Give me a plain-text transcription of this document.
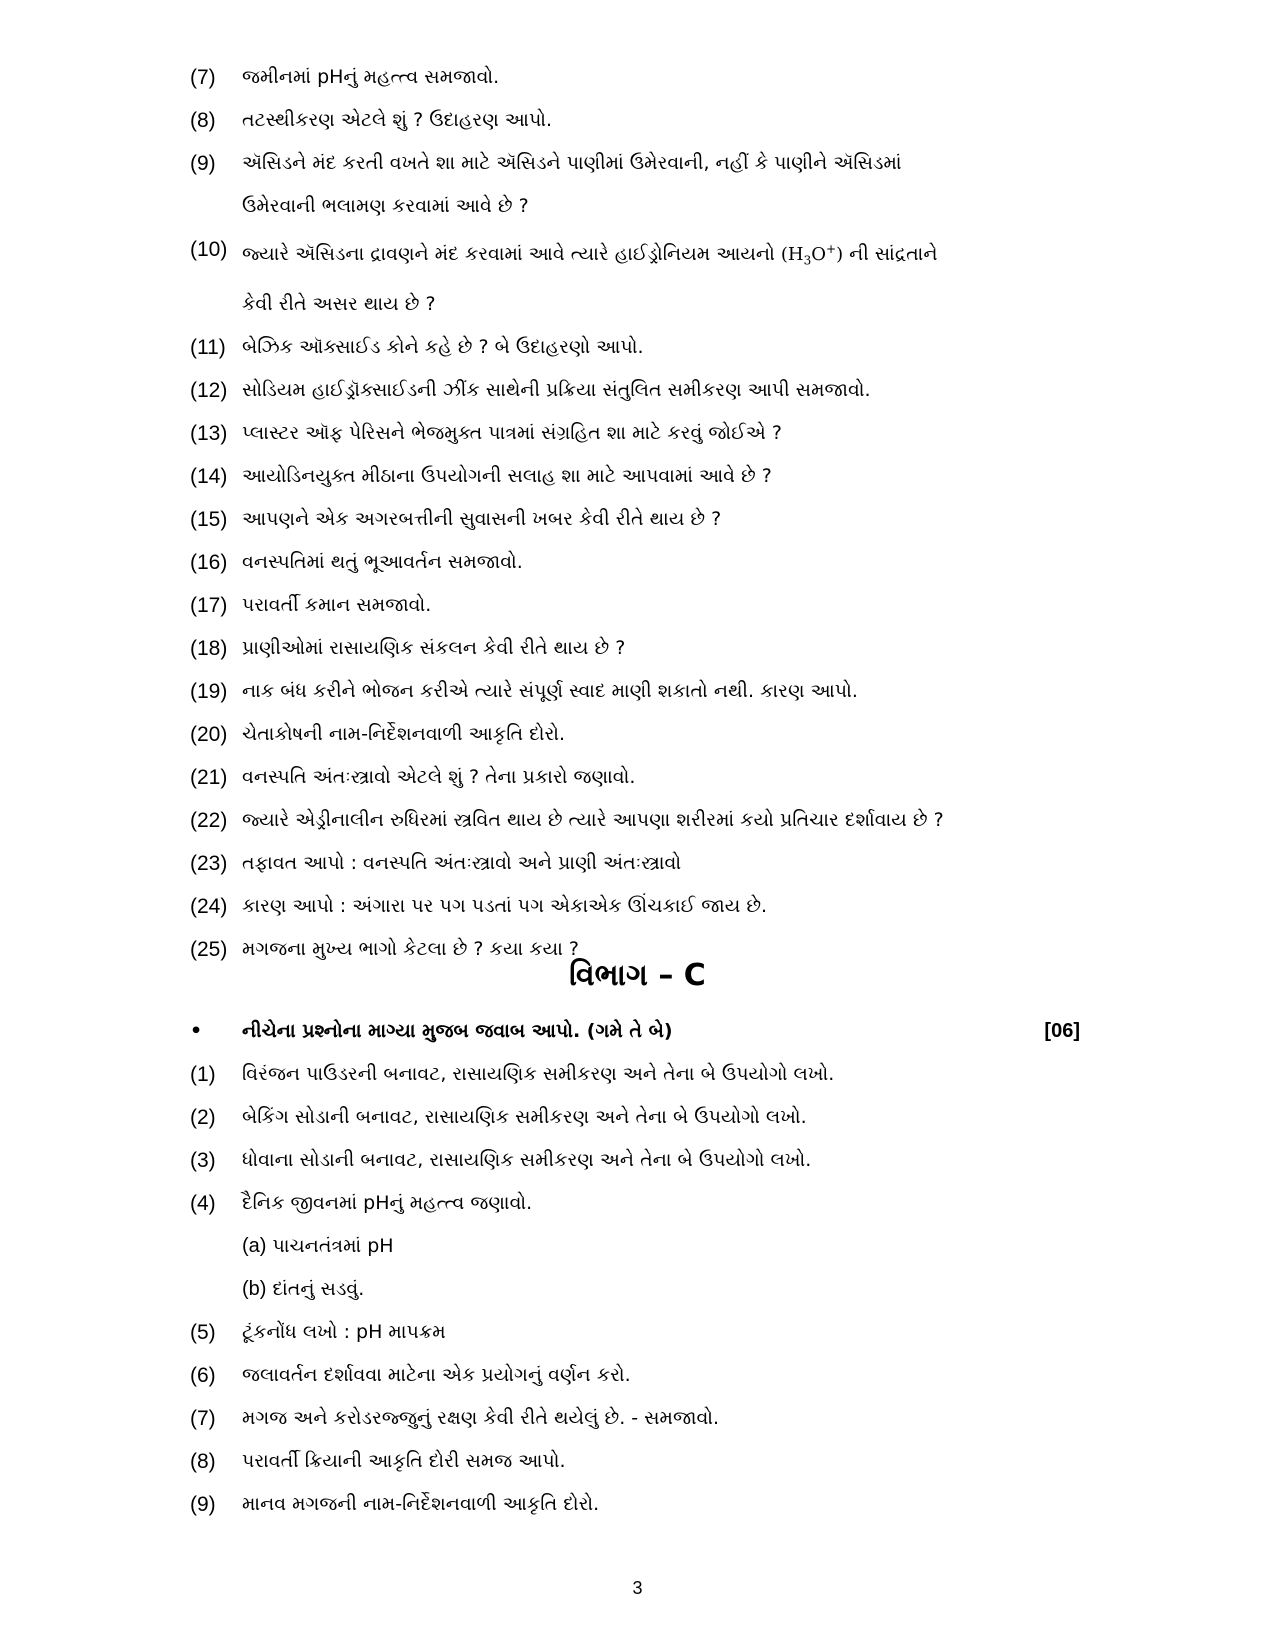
(7)	જમીનમાં pHનું મહત્ત્વ સમજાવો.
(8)	તટસ્થીકરણ એટલે શું ? ઉદાહરણ આપો.
(9)	ઍસિડને મંદ કરતી વખતે શા માટે ઍસિડને પાણીમાં ઉમેરવાની, નહીં કે પાણીને ઍસિડમાં
ઉમેરવાની ભલામણ કરવામાં આવે છે ?
(10) જ્યારે ઍસિડના દ્રાવણને મંદ કરવામાં આવે ત્યારે હાઈડ્રોનિયમ આયનો $(H_3O^+)$ ની સાંદ્રતાને
કેવી રીતે અસર થાય છે ?
(11) બેઝિક ઑક્સાઈડ કોને કહે છે ? બે ઉદાહરણો આપો.
(12) સોડિયમ હાઈડ્રૉક્સાઈડની ઝીંક સાથેની પ્રક્રિયા સંતુલિત સમીકરણ આપી સમજાવો.
(13) પ્લાસ્ટર ઑફ પેરિસને ભેજમુક્ત પાત્રમાં સંગ્રહિત શા માટે કરવું જોઈએ ?
(14) આયોડિનયુક્ત મીઠાના ઉપયોગની સલાહ શા માટે આપવામાં આવે છે ?
(15) આપણને એક અગરબત્તીની સુવાસની ખબર કેવી રીતે થાય છે ?
(16) વનસ્પતિમાં થતું ભૂઆવર્તન સમજાવો.
(17) પરાવર્તી કમાન સમજાવો.
(18) પ્રાણીઓમાં રાસાયણિક સંકલન કેવી રીતે થાય છે ?
(19) નાક બંધ કરીને ભોજન કરીએ ત્યારે સંપૂર્ણ સ્વાદ માણી શકાતો નથી. કારણ આપો.
(20) ચેતાકોષની નામ-નિર્દેશનવાળી આકૃતિ દોરો.
(21) વનસ્પતિ અંતઃસ્ત્રાવો એટલે શું ? તેના પ્રકારો જણાવો.
(22) જ્યારે એડ્રીનાલીન રુધિરમાં સ્ત્રવિત થાય છે ત્યારે આપણા શરીરમાં કયો પ્રતિચાર દર્શાવાય છે ?
(23) તફાવત આપો : વનસ્પતિ અંતઃસ્ત્રાવો અને પ્રાણી અંતઃસ્ત્રાવો
(24) કારણ આપો : અંગારા પર પગ પડતાં પગ એકાએક ઊંચકાઈ જાય છે.
(25) મગજના મુખ્ય ભાગો કેટલા છે ? કયા કયા ?
વિભાગ – C
•	નીચેના પ્રશ્નોના માગ્યા મુજબ જવાબ આપો. (ગમે તે બે)	[06]
(1)	વિરંજન પાઉડરની બનાવટ, રાસાયણિક સમીકરણ અને તેના બે ઉપયોગો લખો.
(2)	બેકિંગ સોડાની બનાવટ, રાસાયણિક સમીકરણ અને તેના બે ઉપયોગો લખો.
(3)	ધોવાના સોડાની બનાવટ, રાસાયણિક સમીકરણ અને તેના બે ઉપયોગો લખો.
(4)	દૈનિક જીવનમાં pHનું મહત્ત્વ જણાવો.
(a) પાચનતંત્રમાં pH
(b) દાંતનું સડવું.
(5)	ટૂંકનોંધ લખો : pH માપક્રમ
(6)	જલાવર્તન દર્શાવવા માટેના એક પ્રયોગનું વર્ણન કરો.
(7)	મગજ અને કરોડરજ્જુનું રક્ષણ કેવી રીતે થયેલું છે. - સમજાવો.
(8)	પરાવર્તી ક્રિયાની આકૃતિ દોરી સમજ આપો.
(9)	માનવ મગજની નામ-નિર્દેશનવાળી આકૃતિ દોરો.
3
